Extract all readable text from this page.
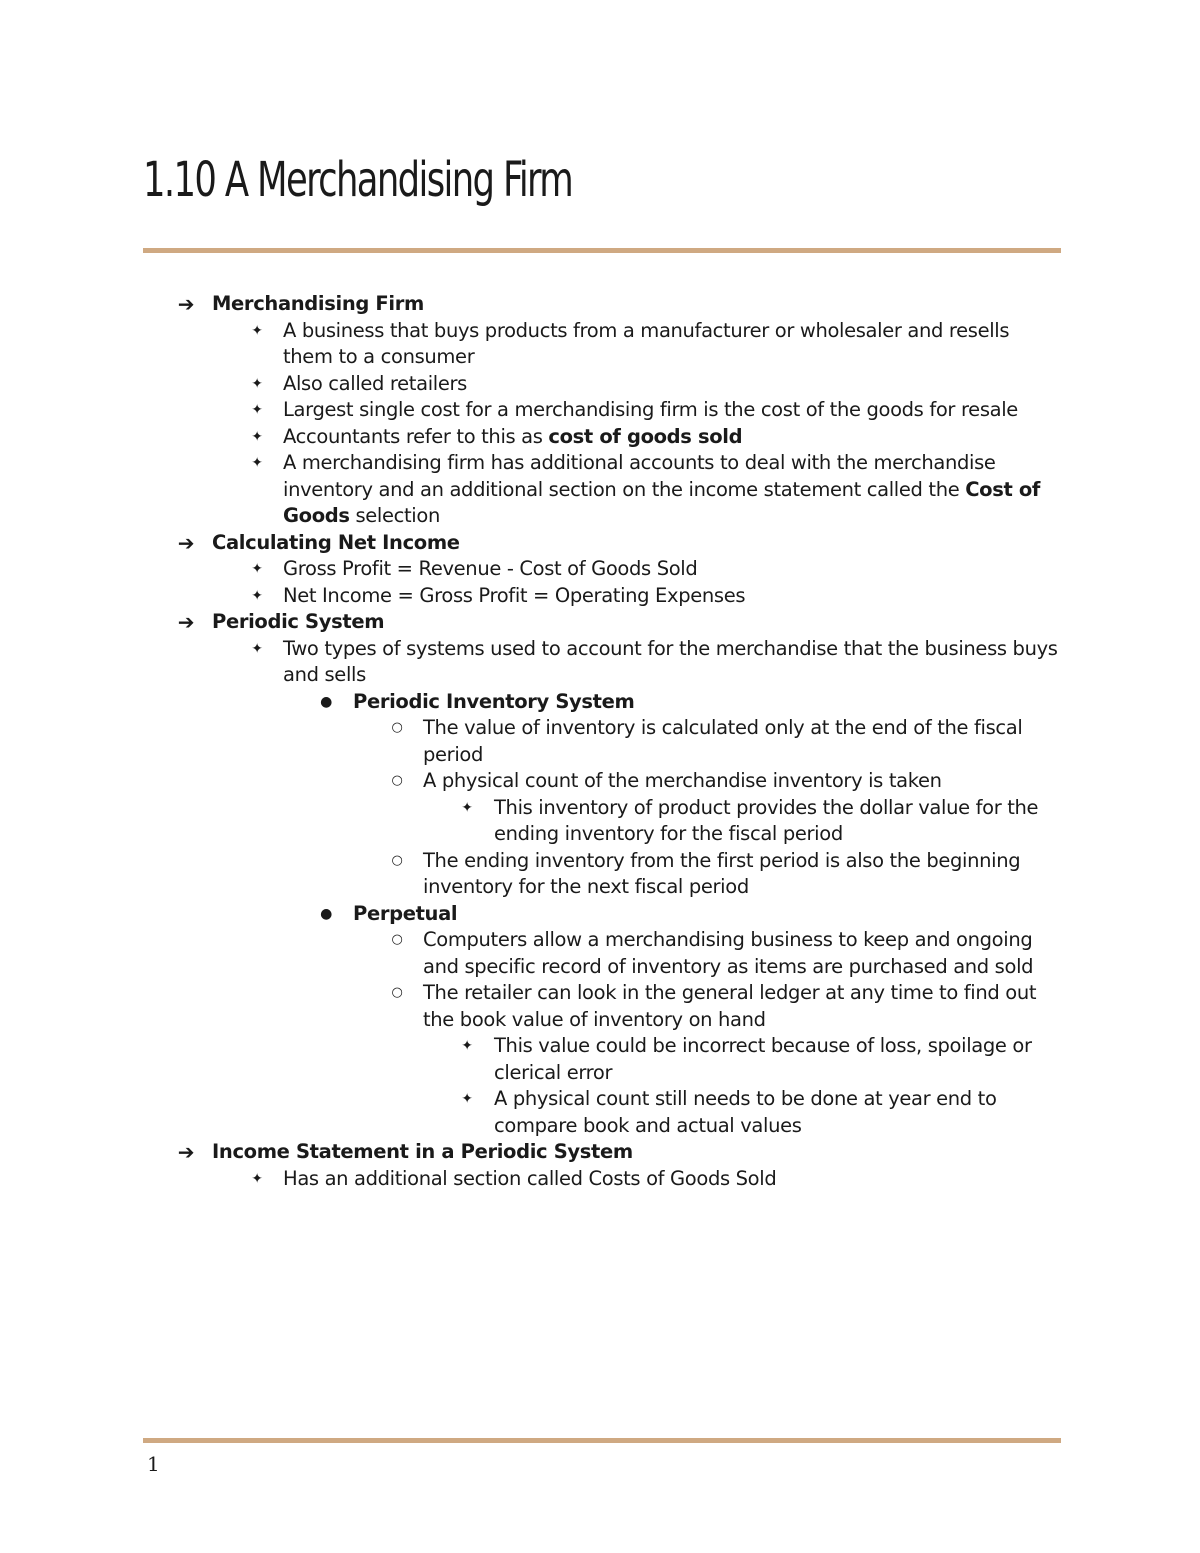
1.10 A Merchandising Firm
➔ Merchandising Firm
✦	A business that buys products from a manufacturer or wholesaler and resells them to a consumer
✦	Also called retailers
✦	Largest single cost for a merchandising firm is the cost of the goods for resale
✦	Accountants refer to this as cost of goods sold
✦	A merchandising firm has additional accounts to deal with the merchandise inventory and an additional section on the income statement called the Cost of Goods selection
➔ Calculating Net Income
✦	Gross Profit = Revenue - Cost of Goods Sold
✦	Net Income = Gross Profit = Operating Expenses
➔ Periodic System
✦	Two types of systems used to account for the merchandise that the business buys and sells
●	Periodic Inventory System
○	The value of inventory is calculated only at the end of the fiscal period
○	A physical count of the merchandise inventory is taken
✦	This inventory of product provides the dollar value for the ending inventory for the fiscal period
○	The ending inventory from the first period is also the beginning inventory for the next fiscal period
●	Perpetual
○	Computers allow a merchandising business to keep and ongoing and specific record of inventory as items are purchased and sold
○	The retailer can look in the general ledger at any time to find out the book value of inventory on hand
✦	This value could be incorrect because of loss, spoilage or clerical error
✦	A physical count still needs to be done at year end to compare book and actual values
➔ Income Statement in a Periodic System
✦	Has an additional section called Costs of Goods Sold
1
